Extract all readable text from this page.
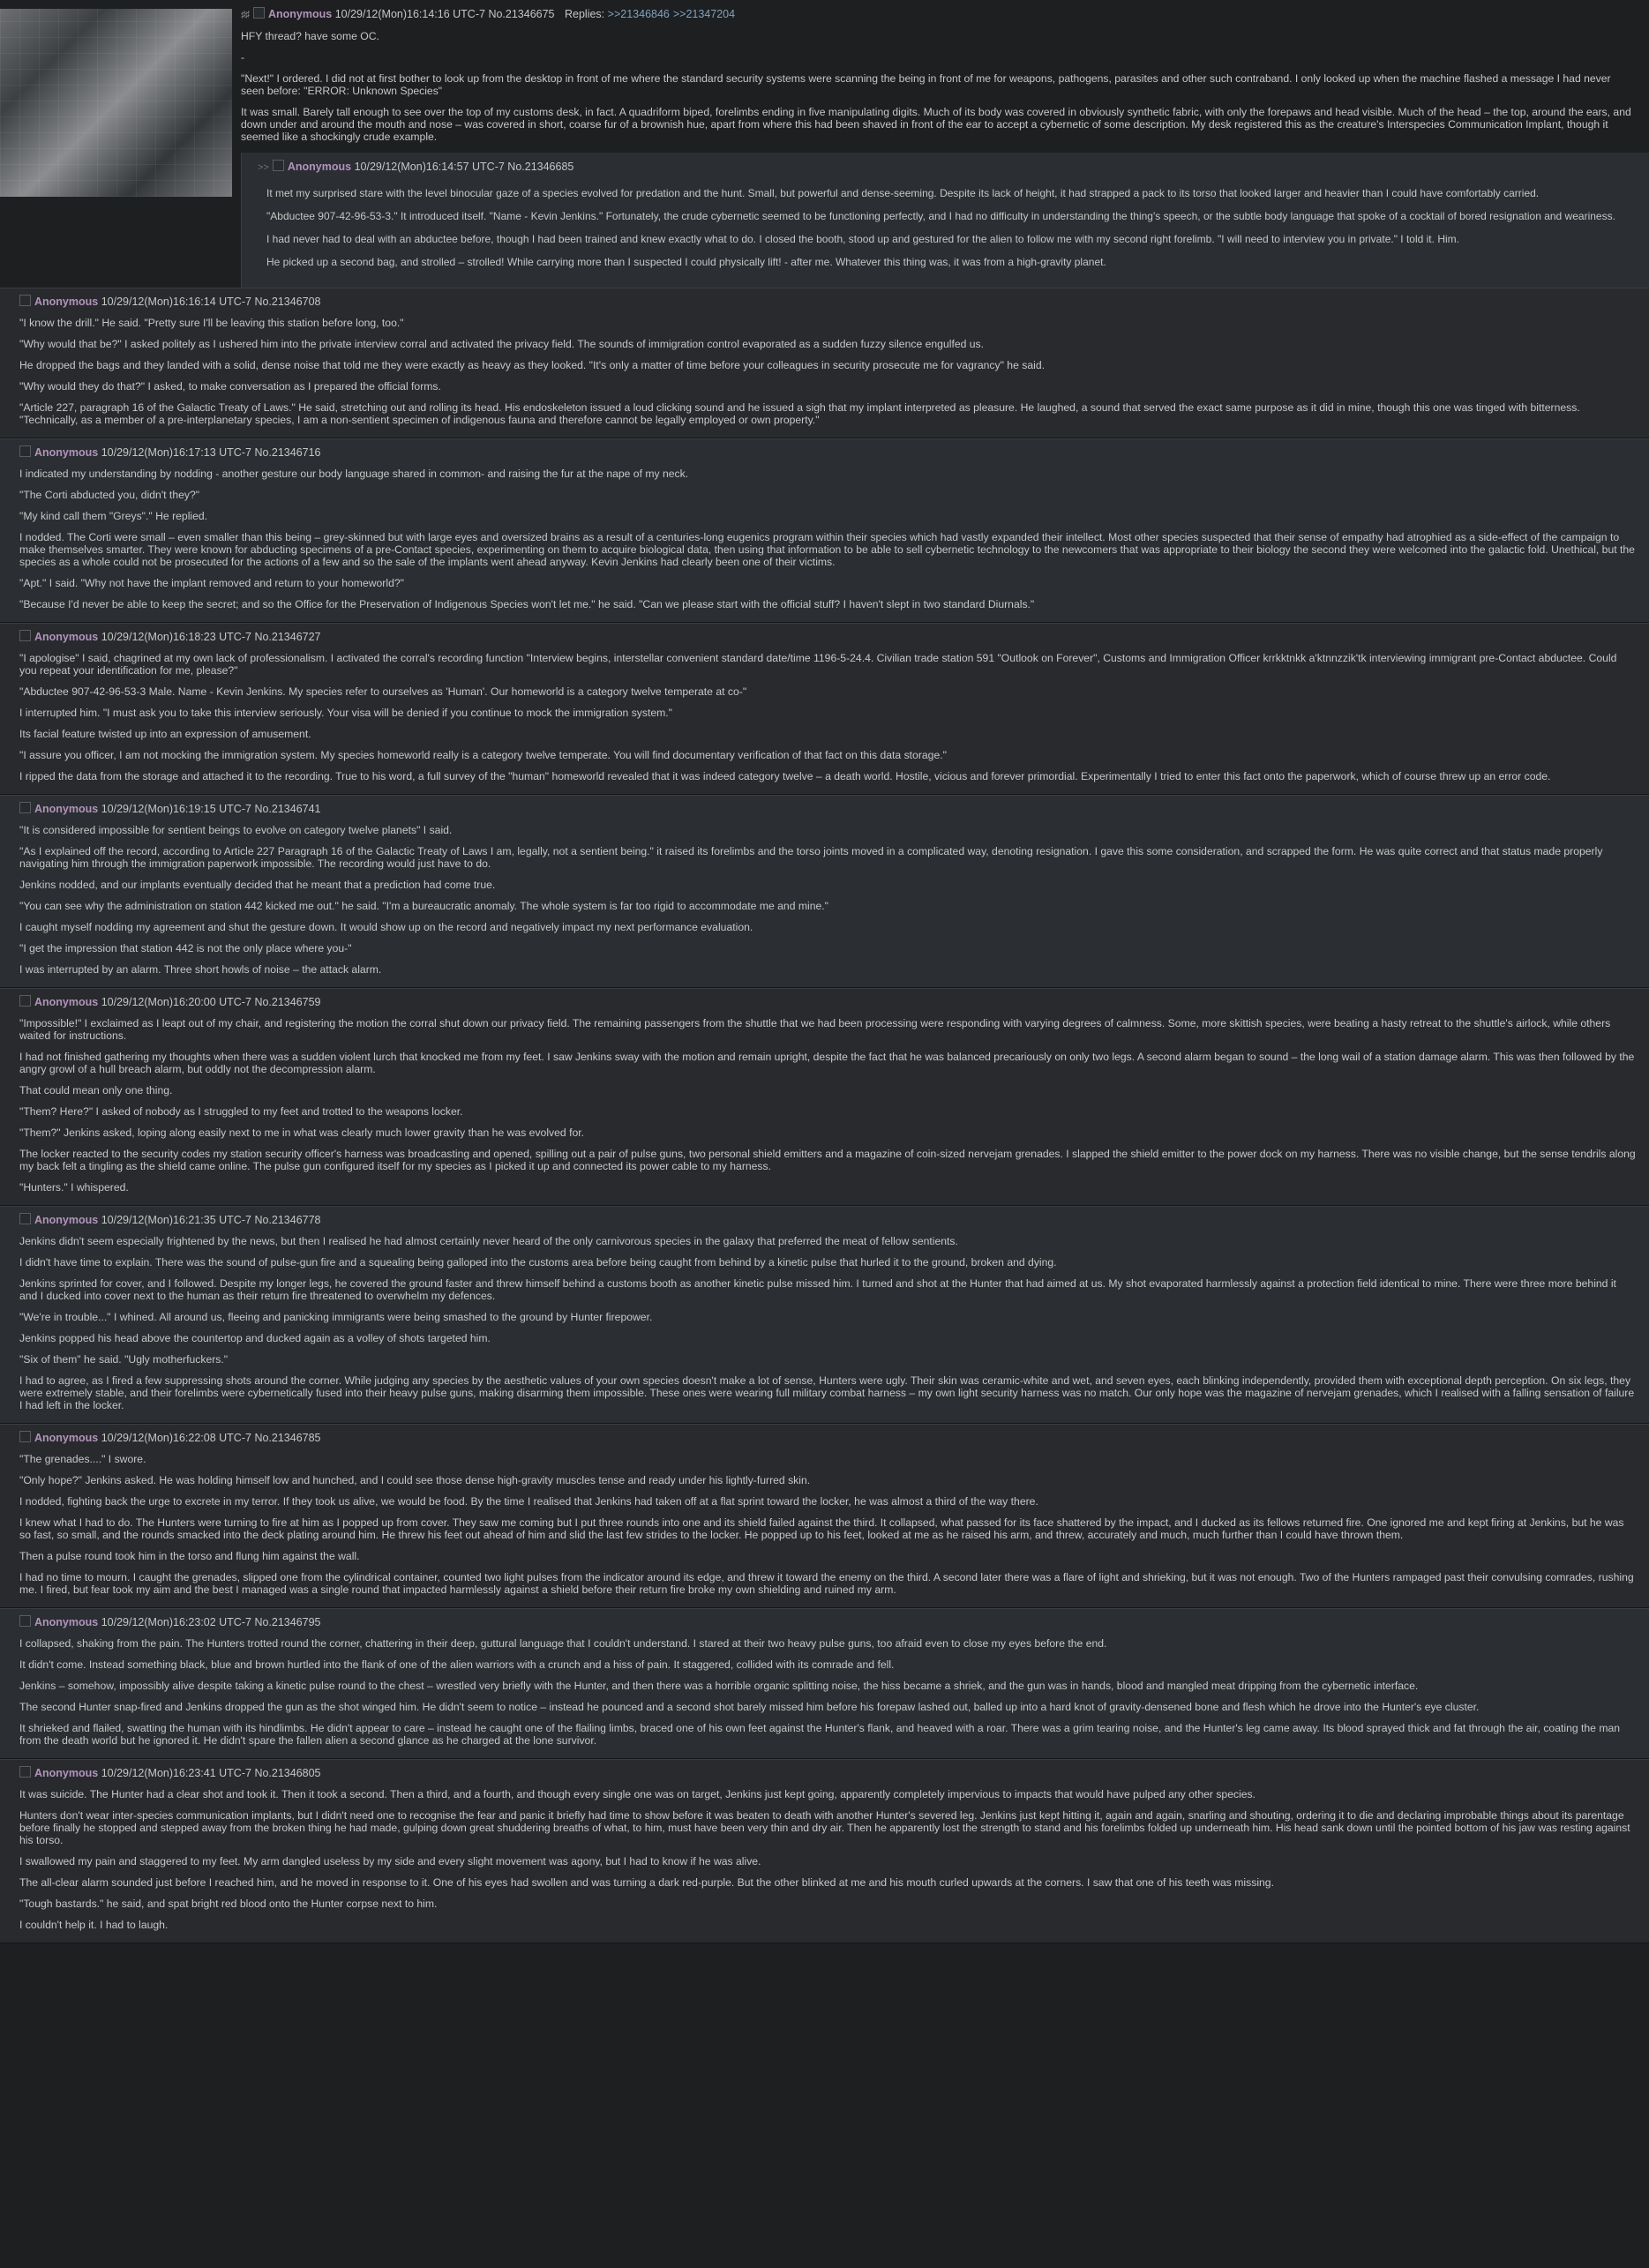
♯♯ Anonymous 10/29/12(Mon)16:14:16 UTC-7 No.21346675 Replies: >>21346846 >>21347204

HFY thread? have some OC.

-

"Next!" I ordered. I did not at first bother to look up from the desktop in front of me where the standard security systems were scanning the being in front of me for weapons, pathogens, parasites and other such contraband. I only looked up when the machine flashed a message I had never seen before: "ERROR: Unknown Species"

It was small. Barely tall enough to see over the top of my customs desk, in fact. A quadriform biped, forelimbs ending in five manipulating digits. Much of its body was covered in obviously synthetic fabric, with only the forepaws and head visible. Much of the head – the top, around the ears, and down under and around the mouth and nose – was covered in short, coarse fur of a brownish hue, apart from where this had been shaved in front of the ear to accept a cybernetic of some description. My desk registered this as the creature's Interspecies Communication Implant, though it seemed like a shockingly crude example.

>> Anonymous 10/29/12(Mon)16:14:57 UTC-7 No.21346685

It met my surprised stare with the level binocular gaze of a species evolved for predation and the hunt. Small, but powerful and dense-seeming. Despite its lack of height, it had strapped a pack to its torso that looked larger and heavier than I could have comfortably carried.

"Abductee 907-42-96-53-3." It introduced itself. "Name - Kevin Jenkins." Fortunately, the crude cybernetic seemed to be functioning perfectly, and I had no difficulty in understanding the thing's speech, or the subtle body language that spoke of a cocktail of bored resignation and weariness.

I had never had to deal with an abductee before, though I had been trained and knew exactly what to do. I closed the booth, stood up and gestured for the alien to follow me with my second right forelimb. "I will need to interview you in private." I told it. Him.

He picked up a second bag, and strolled – strolled! While carrying more than I suspected I could physically lift! - after me. Whatever this thing was, it was from a high-gravity planet.

Anonymous 10/29/12(Mon)16:16:14 UTC-7 No.21346708

"I know the drill." He said. "Pretty sure I'll be leaving this station before long, too."

"Why would that be?" I asked politely as I ushered him into the private interview corral and activated the privacy field. The sounds of immigration control evaporated as a sudden fuzzy silence engulfed us.

He dropped the bags and they landed with a solid, dense noise that told me they were exactly as heavy as they looked. "It's only a matter of time before your colleagues in security prosecute me for vagrancy" he said.

"Why would they do that?" I asked, to make conversation as I prepared the official forms.

"Article 227, paragraph 16 of the Galactic Treaty of Laws." He said, stretching out and rolling its head. His endoskeleton issued a loud clicking sound and he issued a sigh that my implant interpreted as pleasure. He laughed, a sound that served the exact same purpose as it did in mine, though this one was tinged with bitterness. "Technically, as a member of a pre-interplanetary species, I am a non-sentient specimen of indigenous fauna and therefore cannot be legally employed or own property."

Anonymous 10/29/12(Mon)16:17:13 UTC-7 No.21346716

I indicated my understanding by nodding - another gesture our body language shared in common- and raising the fur at the nape of my neck.

"The Corti abducted you, didn't they?"

"My kind call them "Greys"." He replied.

I nodded. The Corti were small – even smaller than this being – grey-skinned but with large eyes and oversized brains as a result of a centuries-long eugenics program within their species which had vastly expanded their intellect. Most other species suspected that their sense of empathy had atrophied as a side-effect of the campaign to make themselves smarter. They were known for abducting specimens of a pre-Contact species, experimenting on them to acquire biological data, then using that information to be able to sell cybernetic technology to the newcomers that was appropriate to their biology the second they were welcomed into the galactic fold. Unethical, but the species as a whole could not be prosecuted for the actions of a few and so the sale of the implants went ahead anyway. Kevin Jenkins had clearly been one of their victims.

"Apt." I said. "Why not have the implant removed and return to your homeworld?"

"Because I'd never be able to keep the secret; and so the Office for the Preservation of Indigenous Species won't let me." he said. "Can we please start with the official stuff? I haven't slept in two standard Diurnals."

Anonymous 10/29/12(Mon)16:18:23 UTC-7 No.21346727

"I apologise" I said, chagrined at my own lack of professionalism. I activated the corral's recording function "Interview begins, interstellar convenient standard date/time 1196-5-24.4. Civilian trade station 591 "Outlook on Forever", Customs and Immigration Officer krrkktnkk a'ktnnzzik'tk interviewing immigrant pre-Contact abductee. Could you repeat your identification for me, please?"

"Abductee 907-42-96-53-3 Male. Name - Kevin Jenkins. My species refer to ourselves as 'Human'. Our homeworld is a category twelve temperate at co-"

I interrupted him. "I must ask you to take this interview seriously. Your visa will be denied if you continue to mock the immigration system."

Its facial feature twisted up into an expression of amusement.

"I assure you officer, I am not mocking the immigration system. My species homeworld really is a category twelve temperate. You will find documentary verification of that fact on this data storage."

I ripped the data from the storage and attached it to the recording. True to his word, a full survey of the "human" homeworld revealed that it was indeed category twelve – a death world. Hostile, vicious and forever primordial. Experimentally I tried to enter this fact onto the paperwork, which of course threw up an error code.

Anonymous 10/29/12(Mon)16:19:15 UTC-7 No.21346741

"It is considered impossible for sentient beings to evolve on category twelve planets" I said.

"As I explained off the record, according to Article 227 Paragraph 16 of the Galactic Treaty of Laws I am, legally, not a sentient being." it raised its forelimbs and the torso joints moved in a complicated way, denoting resignation. I gave this some consideration, and scrapped the form. He was quite correct and that status made properly navigating him through the immigration paperwork impossible. The recording would just have to do.

Jenkins nodded, and our implants eventually decided that he meant that a prediction had come true.

"You can see why the administration on station 442 kicked me out." he said. "I'm a bureaucratic anomaly. The whole system is far too rigid to accommodate me and mine."

I caught myself nodding my agreement and shut the gesture down. It would show up on the record and negatively impact my next performance evaluation.

"I get the impression that station 442 is not the only place where you-"

I was interrupted by an alarm. Three short howls of noise – the attack alarm.

Anonymous 10/29/12(Mon)16:20:00 UTC-7 No.21346759

"Impossible!" I exclaimed as I leapt out of my chair, and registering the motion the corral shut down our privacy field. The remaining passengers from the shuttle that we had been processing were responding with varying degrees of calmness. Some, more skittish species, were beating a hasty retreat to the shuttle's airlock, while others waited for instructions.

I had not finished gathering my thoughts when there was a sudden violent lurch that knocked me from my feet. I saw Jenkins sway with the motion and remain upright, despite the fact that he was balanced precariously on only two legs. A second alarm began to sound – the long wail of a station damage alarm. This was then followed by the angry growl of a hull breach alarm, but oddly not the decompression alarm.

That could mean only one thing.

"Them? Here?" I asked of nobody as I struggled to my feet and trotted to the weapons locker.

"Them?" Jenkins asked, loping along easily next to me in what was clearly much lower gravity than he was evolved for.

The locker reacted to the security codes my station security officer's harness was broadcasting and opened, spilling out a pair of pulse guns, two personal shield emitters and a magazine of coin-sized nervejam grenades. I slapped the shield emitter to the power dock on my harness. There was no visible change, but the sense tendrils along my back felt a tingling as the shield came online. The pulse gun configured itself for my species as I picked it up and connected its power cable to my harness.

"Hunters." I whispered.

Anonymous 10/29/12(Mon)16:21:35 UTC-7 No.21346778

Jenkins didn't seem especially frightened by the news, but then I realised he had almost certainly never heard of the only carnivorous species in the galaxy that preferred the meat of fellow sentients.

I didn't have time to explain. There was the sound of pulse-gun fire and a squealing being galloped into the customs area before being caught from behind by a kinetic pulse that hurled it to the ground, broken and dying.

Jenkins sprinted for cover, and I followed. Despite my longer legs, he covered the ground faster and threw himself behind a customs booth as another kinetic pulse missed him. I turned and shot at the Hunter that had aimed at us. My shot evaporated harmlessly against a protection field identical to mine. There were three more behind it and I ducked into cover next to the human as their return fire threatened to overwhelm my defences.

"We're in trouble..." I whined. All around us, fleeing and panicking immigrants were being smashed to the ground by Hunter firepower.

Jenkins popped his head above the countertop and ducked again as a volley of shots targeted him.

"Six of them" he said. "Ugly motherfuckers."

I had to agree, as I fired a few suppressing shots around the corner. While judging any species by the aesthetic values of your own species doesn't make a lot of sense, Hunters were ugly. Their skin was ceramic-white and wet, and seven eyes, each blinking independently, provided them with exceptional depth perception. On six legs, they were extremely stable, and their forelimbs were cybernetically fused into their heavy pulse guns, making disarming them impossible. These ones were wearing full military combat harness – my own light security harness was no match. Our only hope was the magazine of nervejam grenades, which I realised with a falling sensation of failure I had left in the locker.

Anonymous 10/29/12(Mon)16:22:08 UTC-7 No.21346785

"The grenades...." I swore.

"Only hope?" Jenkins asked. He was holding himself low and hunched, and I could see those dense high-gravity muscles tense and ready under his lightly-furred skin.

I nodded, fighting back the urge to excrete in my terror. If they took us alive, we would be food. By the time I realised that Jenkins had taken off at a flat sprint toward the locker, he was almost a third of the way there.

I knew what I had to do. The Hunters were turning to fire at him as I popped up from cover. They saw me coming but I put three rounds into one and its shield failed against the third. It collapsed, what passed for its face shattered by the impact, and I ducked as its fellows returned fire. One ignored me and kept firing at Jenkins, but he was so fast, so small, and the rounds smacked into the deck plating around him. He threw his feet out ahead of him and slid the last few strides to the locker. He popped up to his feet, looked at me as he raised his arm, and threw, accurately and much, much further than I could have thrown them.

Then a pulse round took him in the torso and flung him against the wall.

I had no time to mourn. I caught the grenades, slipped one from the cylindrical container, counted two light pulses from the indicator around its edge, and threw it toward the enemy on the third. A second later there was a flare of light and shrieking, but it was not enough. Two of the Hunters rampaged past their convulsing comrades, rushing me. I fired, but fear took my aim and the best I managed was a single round that impacted harmlessly against a shield before their return fire broke my own shielding and ruined my arm.

Anonymous 10/29/12(Mon)16:23:02 UTC-7 No.21346795

I collapsed, shaking from the pain. The Hunters trotted round the corner, chattering in their deep, guttural language that I couldn't understand. I stared at their two heavy pulse guns, too afraid even to close my eyes before the end.

It didn't come. Instead something black, blue and brown hurtled into the flank of one of the alien warriors with a crunch and a hiss of pain. It staggered, collided with its comrade and fell.

Jenkins – somehow, impossibly alive despite taking a kinetic pulse round to the chest – wrestled very briefly with the Hunter, and then there was a horrible organic splitting noise, the hiss became a shriek, and the gun was in hands, blood and mangled meat dripping from the cybernetic interface.

The second Hunter snap-fired and Jenkins dropped the gun as the shot winged him. He didn't seem to notice – instead he pounced and a second shot barely missed him before his forepaw lashed out, balled up into a hard knot of gravity-densened bone and flesh which he drove into the Hunter's eye cluster.

It shrieked and flailed, swatting the human with its hindlimbs. He didn't appear to care – instead he caught one of the flailing limbs, braced one of his own feet against the Hunter's flank, and heaved with a roar. There was a grim tearing noise, and the Hunter's leg came away. Its blood sprayed thick and fat through the air, coating the man from the death world but he ignored it. He didn't spare the fallen alien a second glance as he charged at the lone survivor.

Anonymous 10/29/12(Mon)16:23:41 UTC-7 No.21346805

It was suicide. The Hunter had a clear shot and took it. Then it took a second. Then a third, and a fourth, and though every single one was on target, Jenkins just kept going, apparently completely impervious to impacts that would have pulped any other species.

Hunters don't wear inter-species communication implants, but I didn't need one to recognise the fear and panic it briefly had time to show before it was beaten to death with another Hunter's severed leg. Jenkins just kept hitting it, again and again, snarling and shouting, ordering it to die and declaring improbable things about its parentage before finally he stopped and stepped away from the broken thing he had made, gulping down great shuddering breaths of what, to him, must have been very thin and dry air. Then he apparently lost the strength to stand and his forelimbs folded up underneath him. His head sank down until the pointed bottom of his jaw was resting against his torso.

I swallowed my pain and staggered to my feet. My arm dangled useless by my side and every slight movement was agony, but I had to know if he was alive.

The all-clear alarm sounded just before I reached him, and he moved in response to it. One of his eyes had swollen and was turning a dark red-purple. But the other blinked at me and his mouth curled upwards at the corners. I saw that one of his teeth was missing.

"Tough bastards." he said, and spat bright red blood onto the Hunter corpse next to him.

I couldn't help it. I had to laugh.
